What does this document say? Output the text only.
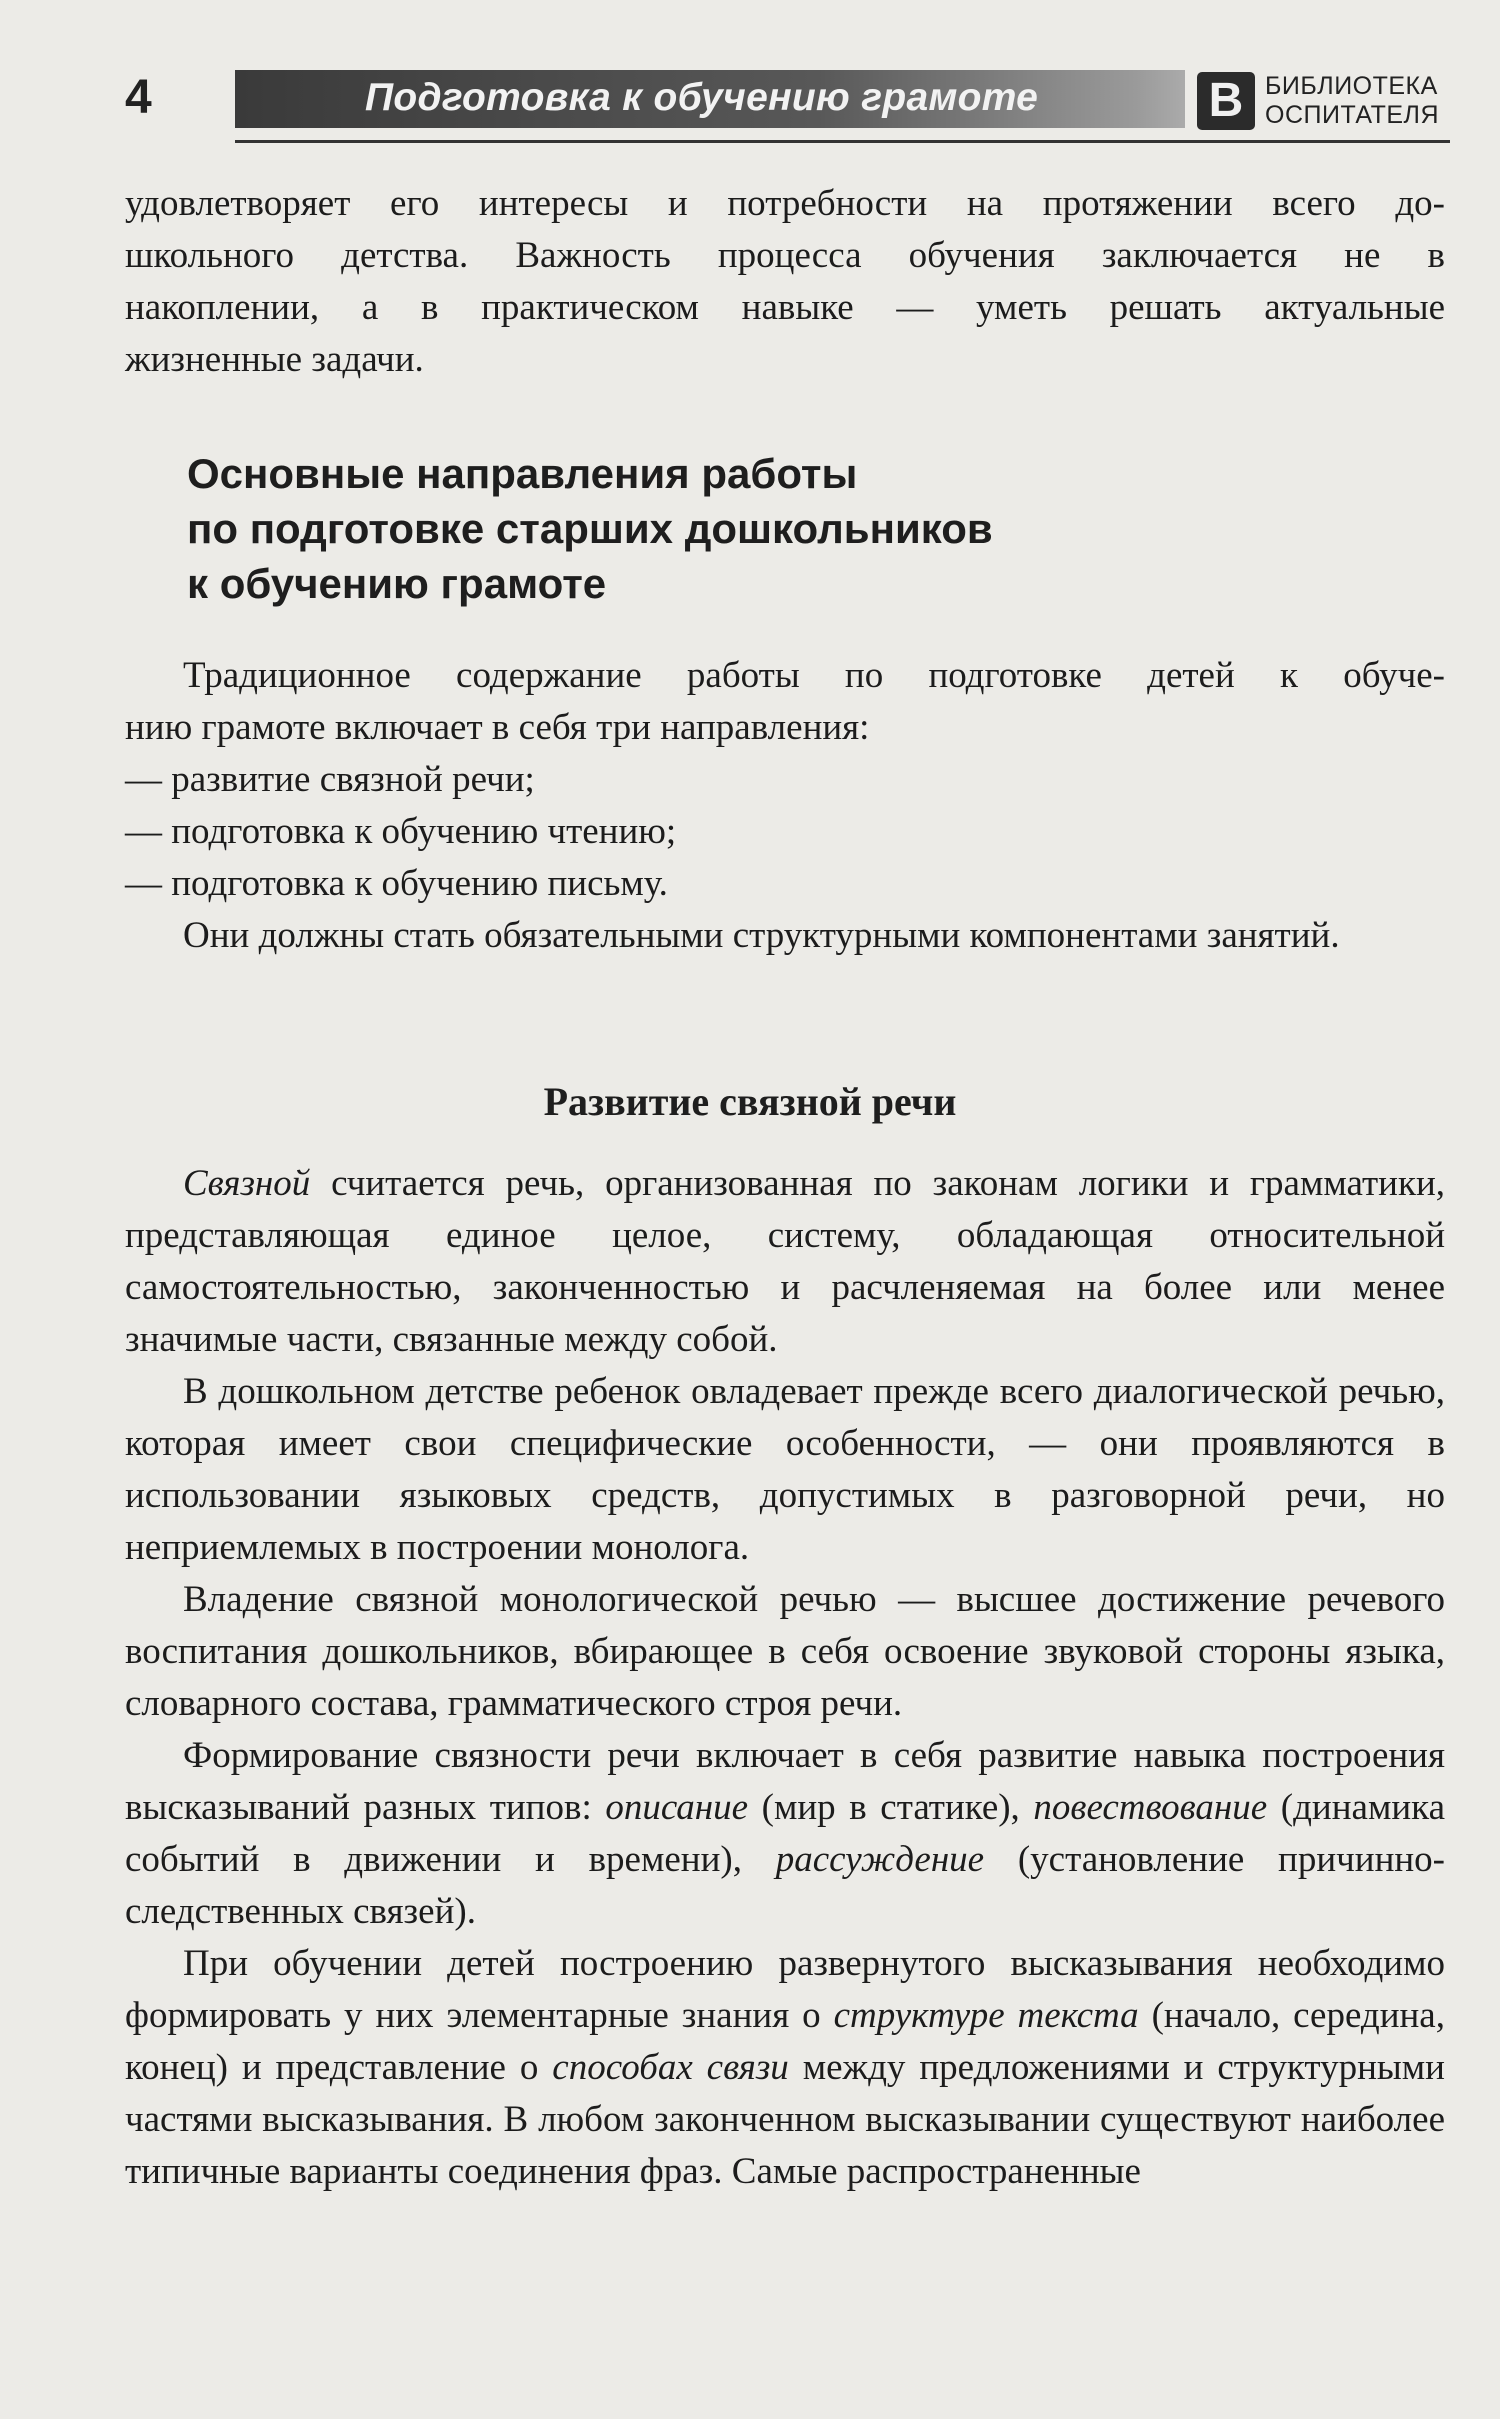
4	Подготовка к обучению грамоте	В БИБЛИОТЕКА
ОСПИТАТЕЛЯ
удовлетворяет его интересы и потребности на протяжении всего до-
школьного детства. Важность процесса обучения заключается не в
накоплении, а в практическом навыке — уметь решать актуальные
жизненные задачи.
Основные направления работы
по подготовке старших дошкольников
к обучению грамоте
Традиционное содержание работы по подготовке детей к обуче-
нию грамоте включает в себя три направления:
— развитие связной речи;
— подготовка к обучению чтению;
— подготовка к обучению письму.
Они должны стать обязательными структурными компонентами занятий.
Развитие связной речи

Связной считается речь, организованная по законам логики и грамматики, представляющая единое целое, систему, обладающая относительной самостоятельностью, законченностью и расчленяемая на более или менее значимые части, связанные между собой.

В дошкольном детстве ребенок овладевает прежде всего диалогической речью, которая имеет свои специфические особенности, — они проявляются в использовании языковых средств, допустимых в разговорной речи, но неприемлемых в построении монолога.

Владение связной монологической речью — высшее достижение речевого воспитания дошкольников, вбирающее в себя освоение звуковой стороны языка, словарного состава, грамматического строя речи.

Формирование связности речи включает в себя развитие навыка построения высказываний разных типов: описание (мир в статике), повествование (динамика событий в движении и времени), рассуждение (установление причинно-следственных связей).

При обучении детей построению развернутого высказывания необходимо формировать у них элементарные знания о структуре текста (начало, середина, конец) и представление о способах связи между предложениями и структурными частями высказывания. В любом законченном высказывании существуют наиболее типичные варианты соединения фраз. Самые распространенные
